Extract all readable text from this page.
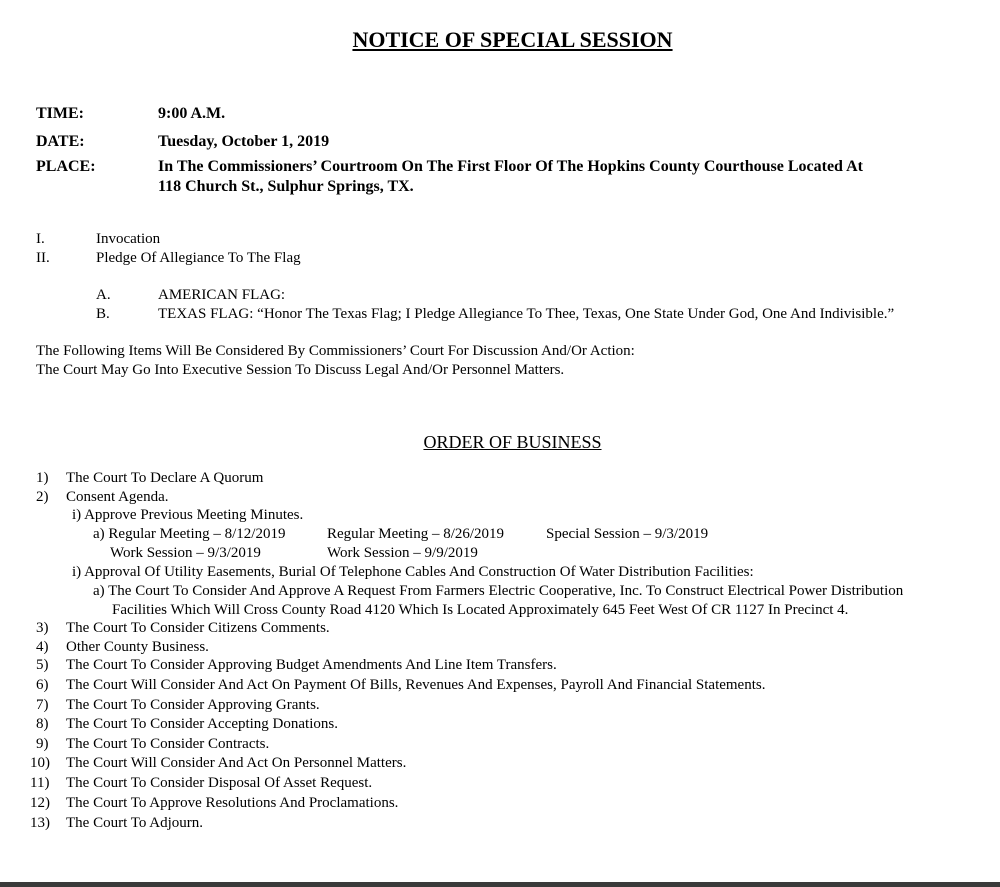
NOTICE OF SPECIAL SESSION
TIME:	9:00 A.M.
DATE:	Tuesday, October 1, 2019
PLACE:	In The Commissioners’ Courtroom On The First Floor Of The Hopkins County Courthouse Located At
118 Church St., Sulphur Springs, TX.
I.	Invocation
II.	Pledge Of Allegiance To The Flag
A.	AMERICAN FLAG:
B.	TEXAS FLAG: “Honor The Texas Flag; I Pledge Allegiance To Thee, Texas, One State Under God, One And Indivisible.”
The Following Items Will Be Considered By Commissioners’ Court For Discussion And/Or Action:
The Court May Go Into Executive Session To Discuss Legal And/Or Personnel Matters.
ORDER OF BUSINESS
1) The Court To Declare A Quorum
2) Consent Agenda.
i) Approve Previous Meeting Minutes.
a) Regular Meeting – 8/12/2019	Regular Meeting – 8/26/2019	Special Session – 9/3/2019
Work Session – 9/3/2019	Work Session – 9/9/2019
i) Approval Of Utility Easements, Burial Of Telephone Cables And Construction Of Water Distribution Facilities:
a) The Court To Consider And Approve A Request From Farmers Electric Cooperative, Inc. To Construct Electrical Power Distribution
Facilities Which Will Cross County Road 4120 Which Is Located Approximately 645 Feet West Of CR 1127 In Precinct 4.
3) The Court To Consider Citizens Comments.
4) Other County Business.
5) The Court To Consider Approving Budget Amendments And Line Item Transfers.
6) The Court Will Consider And Act On Payment Of Bills, Revenues And Expenses, Payroll And Financial Statements.
7) The Court To Consider Approving Grants.
8) The Court To Consider Accepting Donations.
9) The Court To Consider Contracts.
10) The Court Will Consider And Act On Personnel Matters.
11) The Court To Consider Disposal Of Asset Request.
12) The Court To Approve Resolutions And Proclamations.
13) The Court To Adjourn.
